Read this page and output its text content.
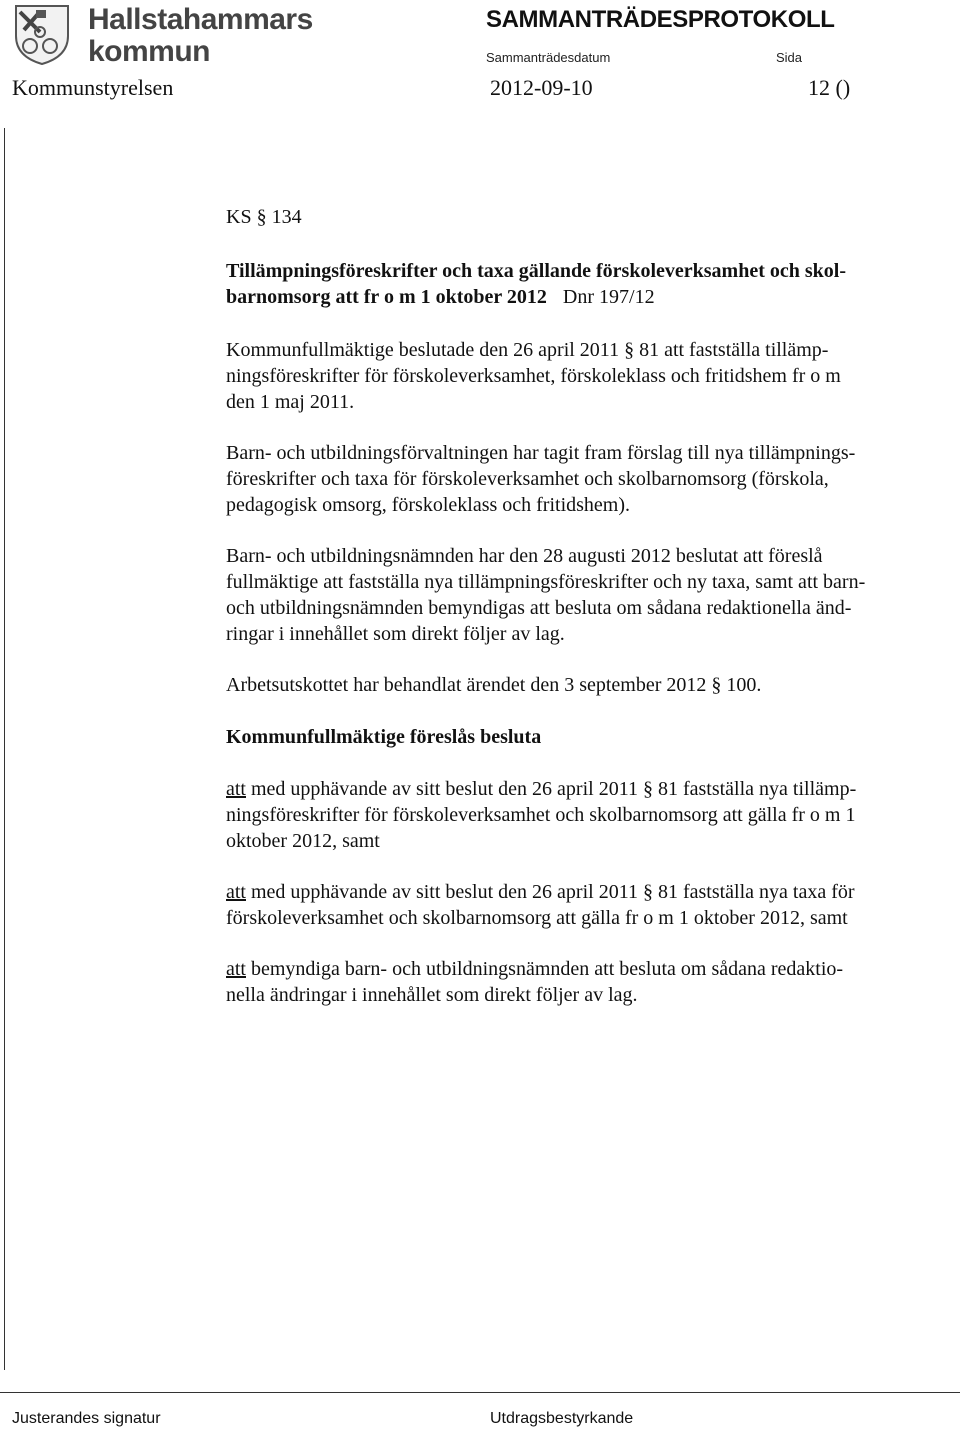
Hallstahammars
kommun
SAMMANTRÄDESPROTOKOLL
Sammanträdesdatum	Sida
Kommunstyrelsen	2012-09-10	12 ()
KS § 134
Tillämpningsföreskrifter och taxa gällande förskoleverksamhet och skol-
barnomsorg att fr o m 1 oktober 2012 Dnr 197/12
Kommunfullmäktige beslutade den 26 april 2011 § 81 att fastställa tillämp-
ningsföreskrifter för förskoleverksamhet, förskoleklass och fritidshem fr o m
den 1 maj 2011.
Barn- och utbildningsförvaltningen har tagit fram förslag till nya tillämpnings-
föreskrifter och taxa för förskoleverksamhet och skolbarnomsorg (förskola,
pedagogisk omsorg, förskoleklass och fritidshem).
Barn- och utbildningsnämnden har den 28 augusti 2012 beslutat att föreslå
fullmäktige att fastställa nya tillämpningsföreskrifter och ny taxa, samt att barn-
och utbildningsnämnden bemyndigas att besluta om sådana redaktionella änd-
ringar i innehållet som direkt följer av lag.
Arbetsutskottet har behandlat ärendet den 3 september 2012 § 100.
Kommunfullmäktige föreslås besluta
att med upphävande av sitt beslut den 26 april 2011 § 81 fastställa nya tillämp-
ningsföreskrifter för förskoleverksamhet och skolbarnomsorg att gälla fr o m 1
oktober 2012, samt
att med upphävande av sitt beslut den 26 april 2011 § 81 fastställa nya taxa för
förskoleverksamhet och skolbarnomsorg att gälla fr o m 1 oktober 2012, samt
att bemyndiga barn- och utbildningsnämnden att besluta om sådana redaktio-
nella ändringar i innehållet som direkt följer av lag.
Justerandes signatur	Utdragsbestyrkande
